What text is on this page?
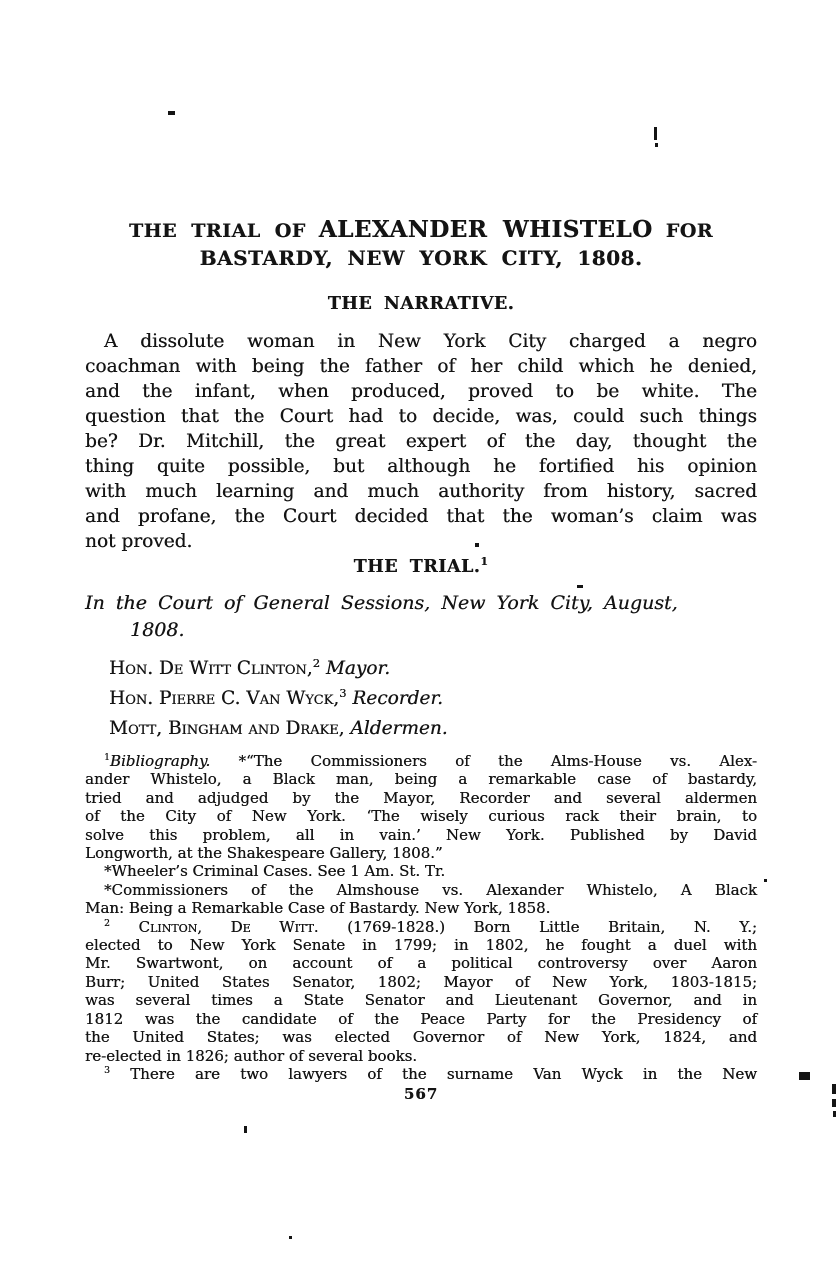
THE TRIAL OF ALEXANDER WHISTELO FOR
BASTARDY, NEW YORK CITY, 1808.
THE NARRATIVE.
A dissolute woman in New York City charged a negro
coachman with being the father of her child which he denied,
and the infant, when produced, proved to be white. The
question that the Court had to decide, was, could such things
be? Dr. Mitchill, the great expert of the day, thought the
thing quite possible, but although he fortified his opinion
with much learning and much authority from history, sacred
and profane, the Court decided that the woman’s claim was
not proved.
THE TRIAL.$^1$
In the Court of General Sessions, New York City, August,
1808.
Hon. De Witt Clinton,$^2$ Mayor.
Hon. Pierre C. Van Wyck,$^3$ Recorder.
Mott, Bingham and Drake, Aldermen.
$^1$Bibliography. *“The Commissioners of the Alms-House vs. Alex-
ander Whistelo, a Black man, being a remarkable case of bastardy,
tried and adjudged by the Mayor, Recorder and several aldermen
of the City of New York. ‘The wisely curious rack their brain, to
solve this problem, all in vain.’ New York. Published by David
Longworth, at the Shakespeare Gallery, 1808.”
*Wheeler’s Criminal Cases. See 1 Am. St. Tr.
*Commissioners of the Almshouse vs. Alexander Whistelo, A Black
Man: Being a Remarkable Case of Bastardy. New York, 1858.
$^2$ Clinton, De Witt. (1769-1828.) Born Little Britain, N. Y.;
elected to New York Senate in 1799; in 1802, he fought a duel with
Mr. Swartwont, on account of a political controversy over Aaron
Burr; United States Senator, 1802; Mayor of New York, 1803-1815;
was several times a State Senator and Lieutenant Governor, and in
1812 was the candidate of the Peace Party for the Presidency of
the United States; was elected Governor of New York, 1824, and
re-elected in 1826; author of several books.
$^3$ There are two lawyers of the surname Van Wyck in the New
567
